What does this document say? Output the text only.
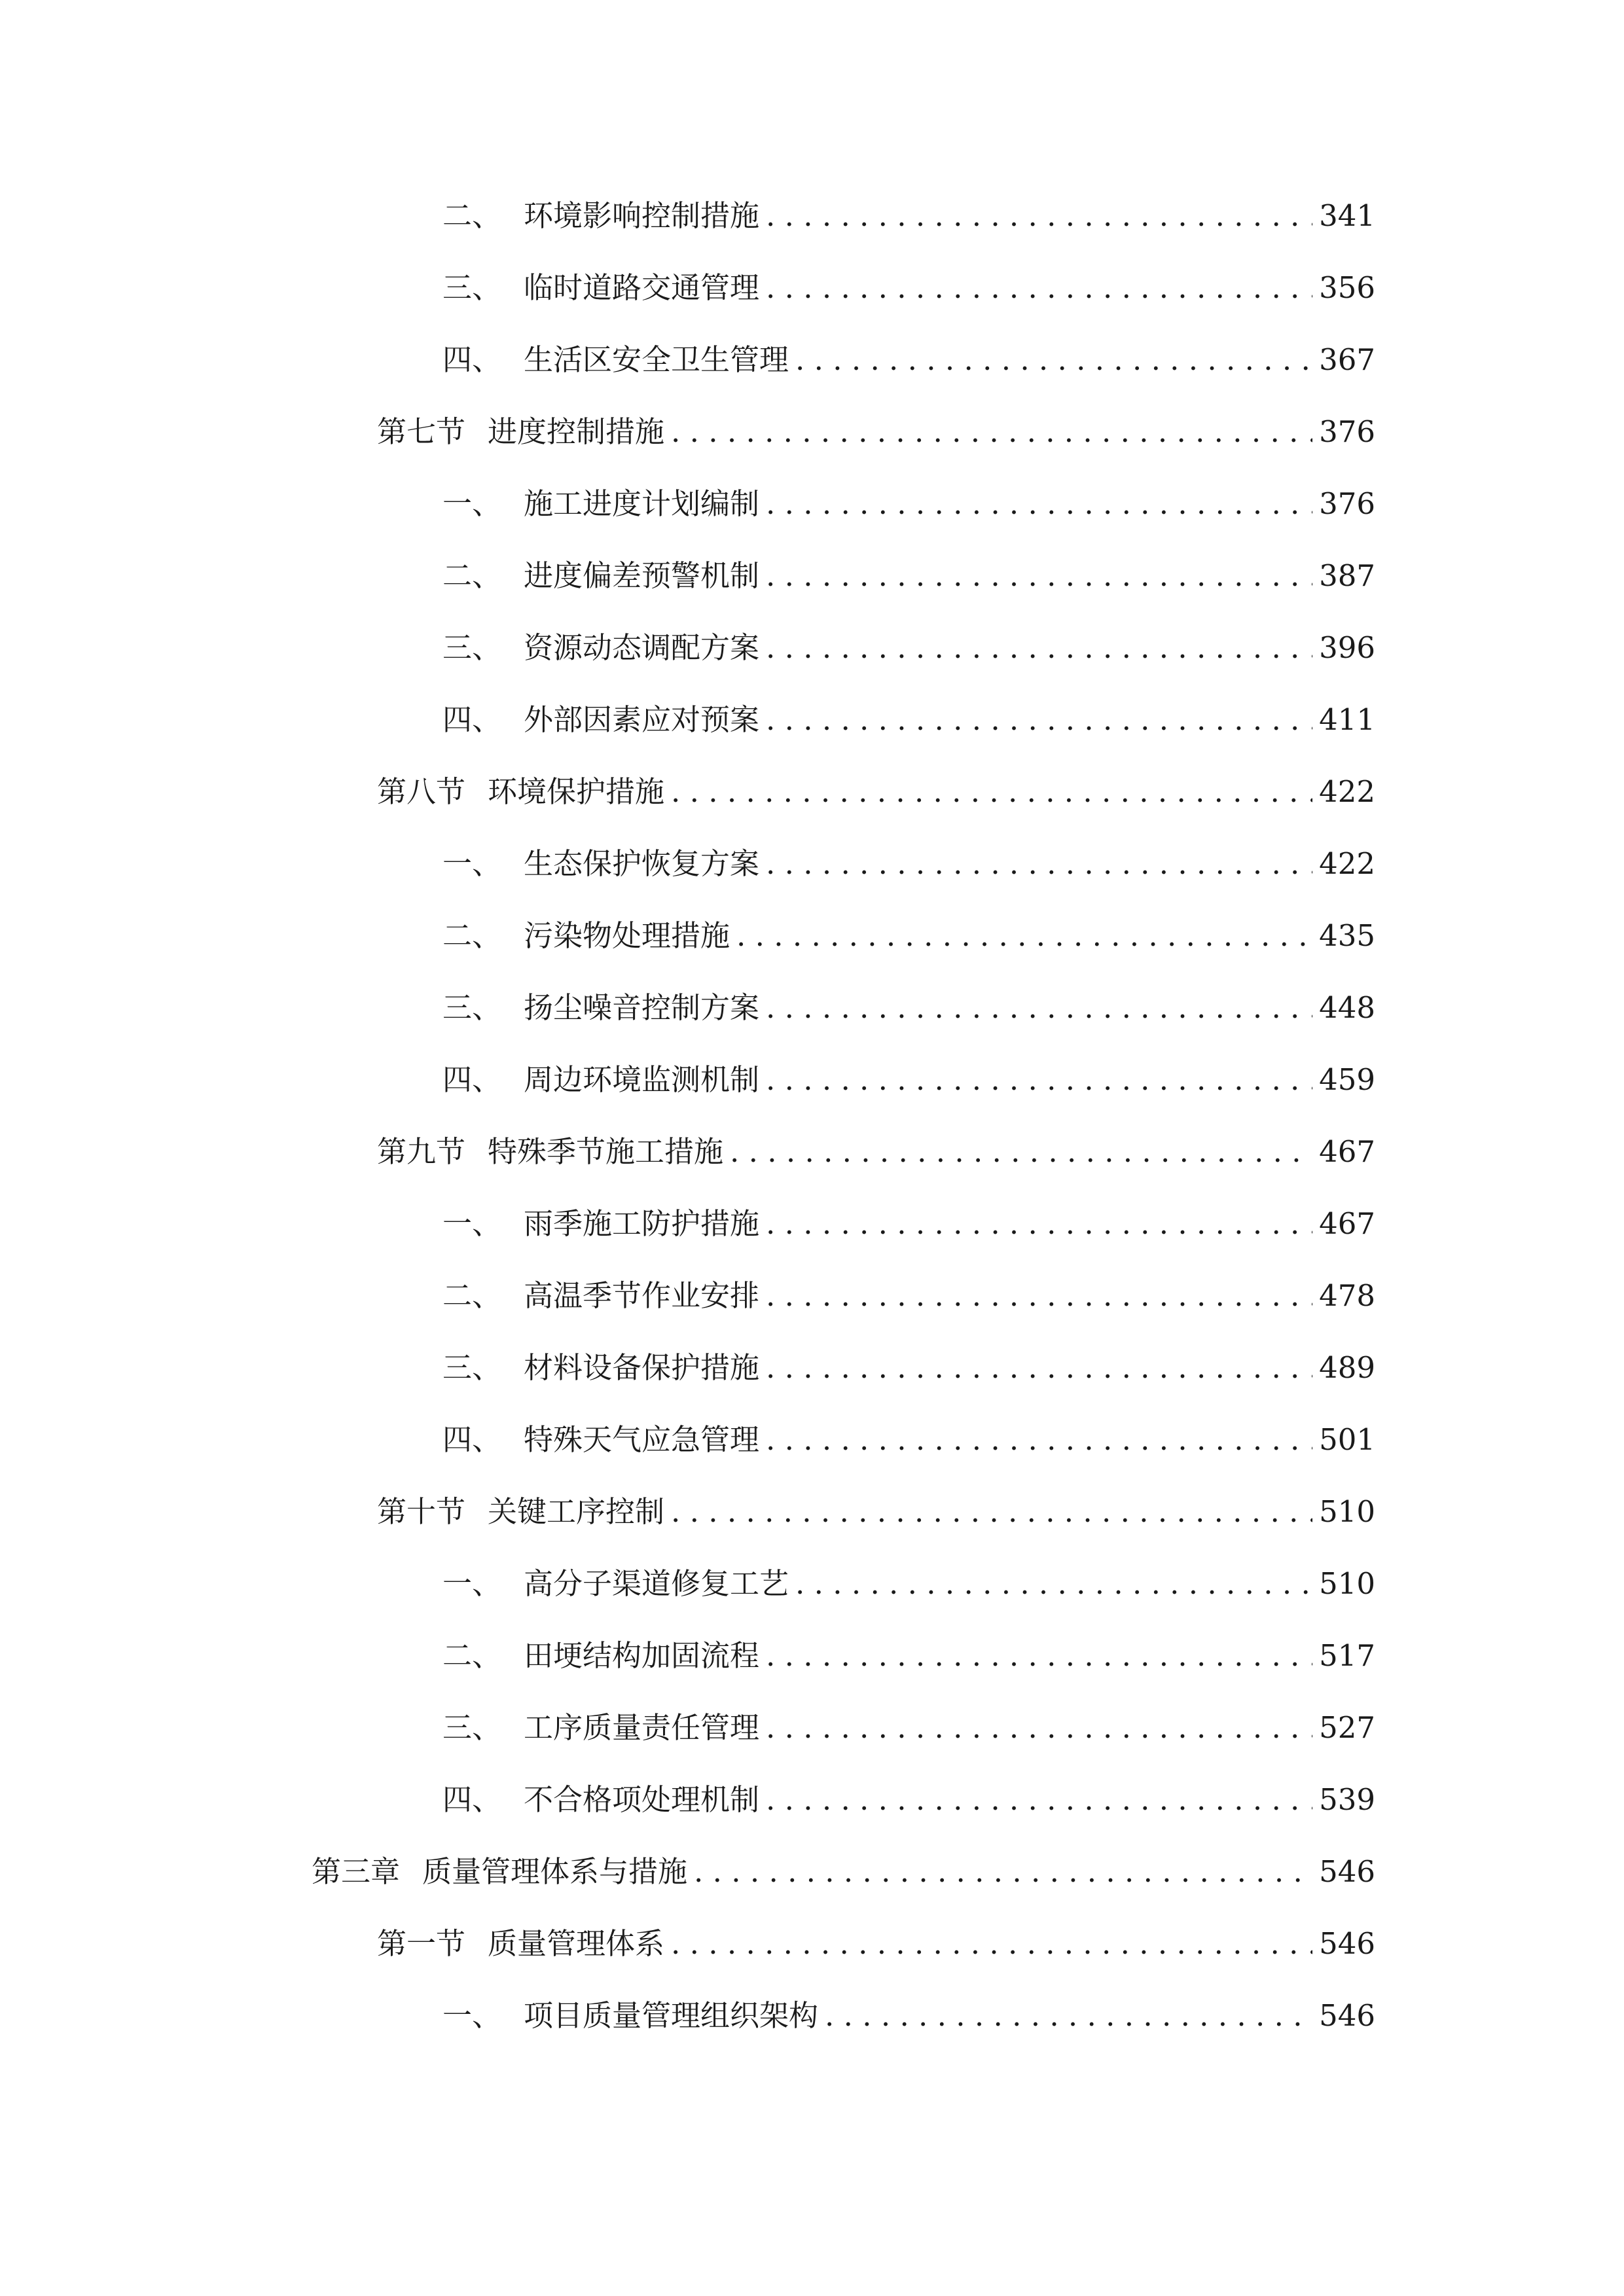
二、 环境影响控制措施 . . .	341
三、 临时道路交通管理 . . .	356
四、 生活区安全卫生管理 . . .	367
第七节 进度控制措施 . . .	376
一、 施工进度计划编制 . . .	376
二、 进度偏差预警机制 . . .	387
三、 资源动态调配方案 . . .	396
四、 外部因素应对预案 . . .	411
第八节 环境保护措施 . . .	422
一、 生态保护恢复方案 . . .	422
二、 污染物处理措施 . . .	435
三、 扬尘噪音控制方案 . . .	448
四、 周边环境监测机制 . . .	459
第九节 特殊季节施工措施 . . .	467
一、 雨季施工防护措施 . . .	467
二、 高温季节作业安排 . . .	478
三、 材料设备保护措施 . . .	489
四、 特殊天气应急管理 . . .	501
第十节 关键工序控制 . . .	510
一、 高分子渠道修复工艺 . . .	510
二、 田埂结构加固流程 . . .	517
三、 工序质量责任管理 . . .	527
四、 不合格项处理机制 . . .	539
第三章 质量管理体系与措施 . . .	546
第一节 质量管理体系 . . .	546
一、 项目质量管理组织架构 . . .	546
